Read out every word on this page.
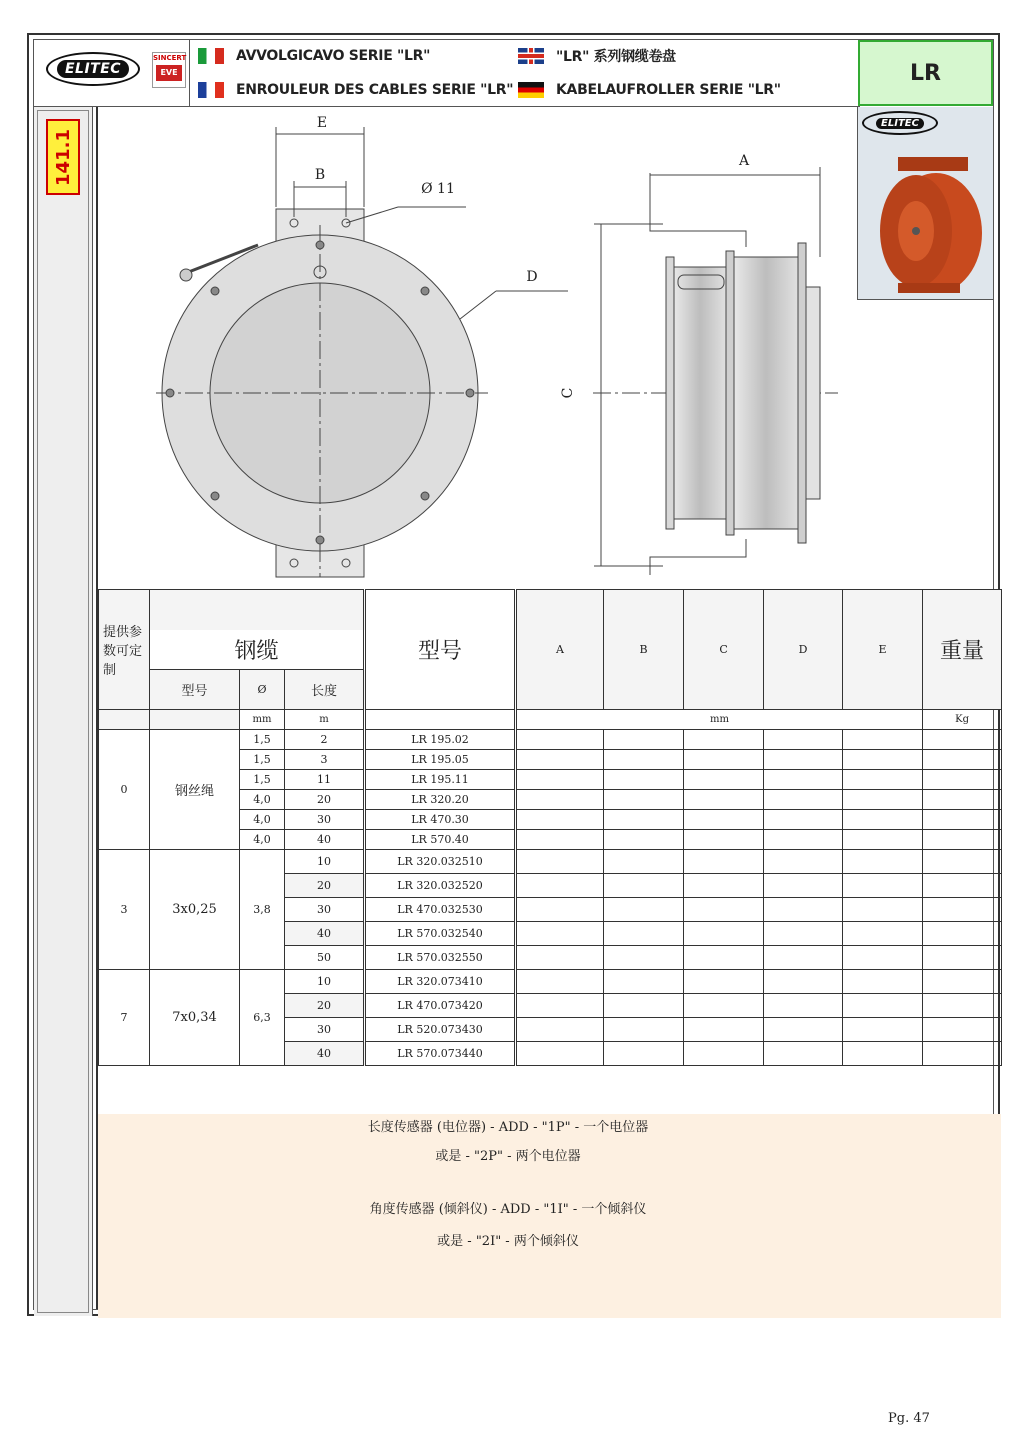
ELITEC
SINCERT
EVE
AVVOLGICAVO SERIE "LR"
ENROULEUR DES CABLES SERIE "LR"
"LR" 系列钢缆卷盘
KABELAUFROLLER SERIE "LR"
LR
141.1
E
B
Ø 11
D
A
C
ELITEC
提供参数可定制				型号	A	B	C	D	E	重量
	钢缆									
	型号	Ø	长度							
		mm	m		mm					Kg
0	钢丝绳	1,5	2	LR 195.02						
		1,5	3	LR 195.05						
		1,5	11	LR 195.11						
		4,0	20	LR 320.20						
		4,0	30	LR 470.30						
		4,0	40	LR 570.40						
3	3x0,25	3,8	10	LR 320.032510						
			20	LR 320.032520						
			30	LR 470.032530						
			40	LR 570.032540						
			50	LR 570.032550						
7	7x0,34	6,3	10	LR 320.073410						
			20	LR 470.073420						
			30	LR 520.073430						
			40	LR 570.073440						
长度传感器 (电位器) - ADD - "1P" - 一个电位器
或是 - "2P" - 两个电位器
角度传感器 (倾斜仪) - ADD - "1I" - 一个倾斜仪
或是 - "2I" - 两个倾斜仪
Pg. 47
